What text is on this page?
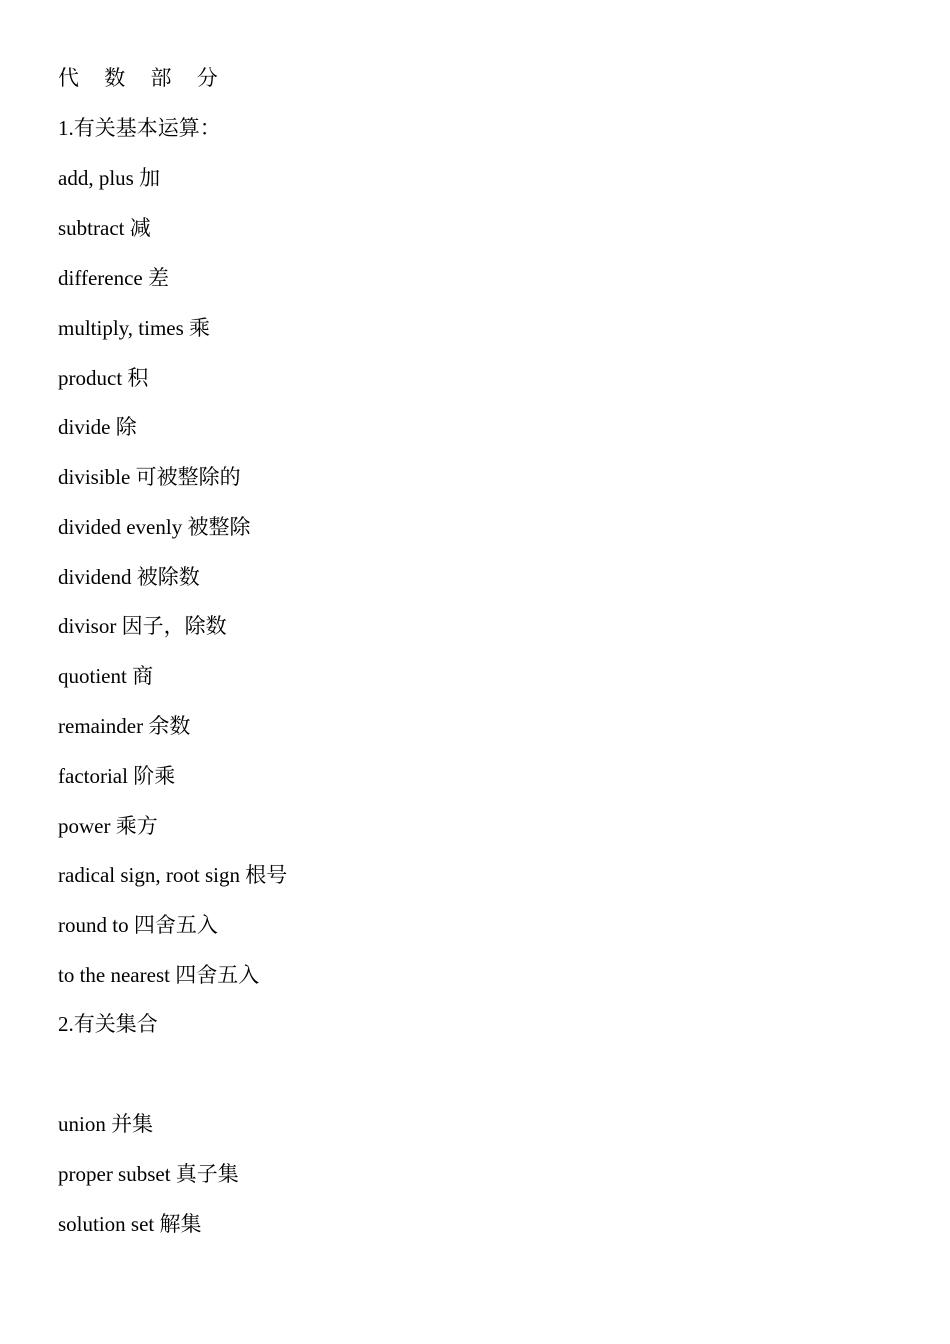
代 数 部 分
1.有关基本运算：
add, plus 加
subtract 减
difference 差
multiply, times 乘
product 积
divide 除
divisible 可被整除的
divided evenly 被整除
dividend 被除数
divisor 因子，除数
quotient 商
remainder 余数
factorial 阶乘
power 乘方
radical sign, root sign 根号
round to 四舍五入
to the nearest 四舍五入
2.有关集合
union 并集
proper subset 真子集
solution set 解集
